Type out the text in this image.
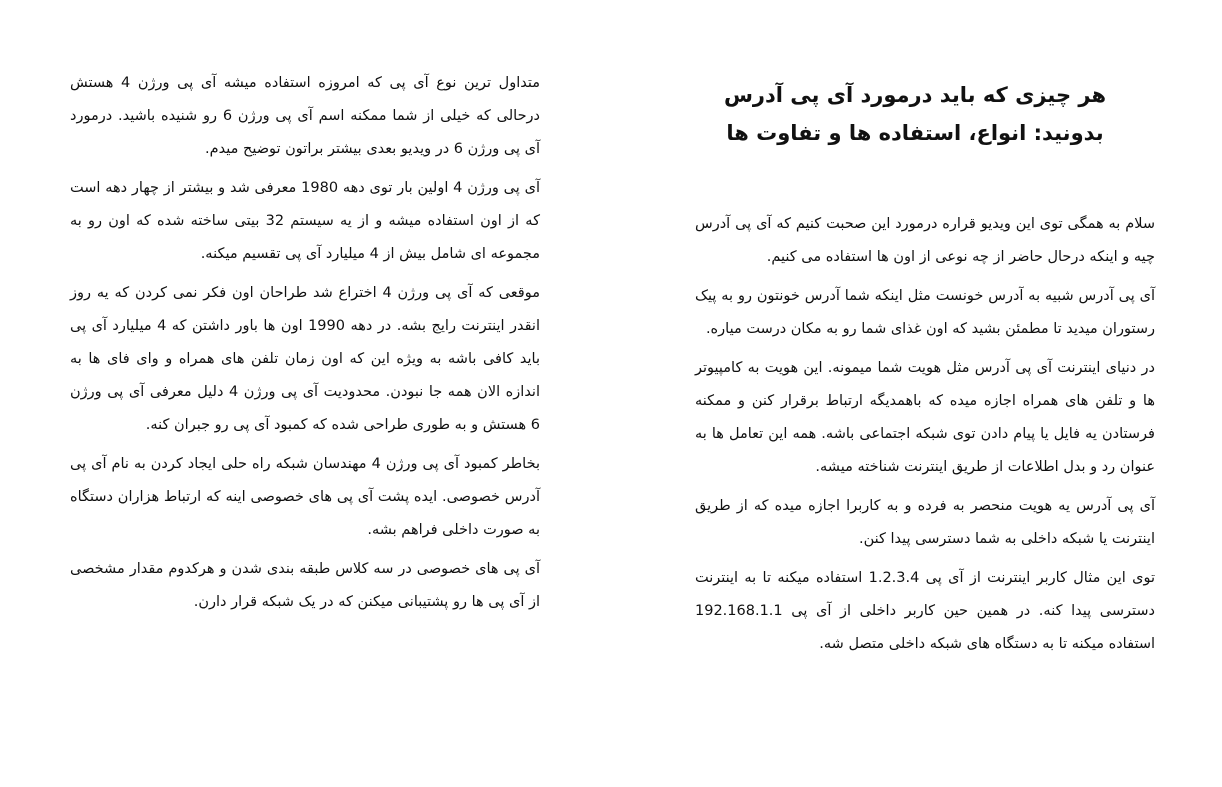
متداول ترین نوع آی پی که امروزه استفاده میشه آی پی ورژن 4 هستش درحالی که خیلی از شما ممکنه اسم آی پی ورژن 6 رو شنیده باشید. درمورد آی پی ورژن 6 در ویدیو بعدی بیشتر براتون توضیح میدم.

آی پی ورژن 4 اولین بار توی دهه 1980 معرفی شد و بیشتر از چهار دهه است که از اون استفاده میشه و از یه سیستم 32 بیتی ساخته شده که اون رو به مجموعه ای شامل بیش از 4 میلیارد آی پی تقسیم میکنه.

موقعی که آی پی ورژن 4 اختراع شد طراحان اون فکر نمی کردن که یه روز انقدر اینترنت رایج بشه. در دهه 1990 اون ها باور داشتن که 4 میلیارد آی پی باید کافی باشه به ویژه این که اون زمان تلفن های همراه و وای فای ها به اندازه الان همه جا نبودن. محدودیت آی پی ورژن 4 دلیل معرفی آی پی ورژن 6 هستش و به طوری طراحی شده که کمبود آی پی رو جبران کنه.

بخاطر کمبود آی پی ورژن 4 مهندسان شبکه راه حلی ایجاد کردن به نام آی پی آدرس خصوصی. ایده پشت آی پی های خصوصی اینه که ارتباط هزاران دستگاه به صورت داخلی فراهم بشه.

آی پی های خصوصی در سه کلاس طبقه بندی شدن و هرکدوم مقدار مشخصی از آی پی ها رو پشتیبانی میکنن که در یک شبکه قرار دارن.

هر چیزی که باید درمورد آی پی آدرس بدونید: انواع، استفاده ها و تفاوت ها

سلام به همگی توی این ویدیو قراره درمورد این صحبت کنیم که آی پی آدرس چیه و اینکه درحال حاضر از چه نوعی از اون ها استفاده می کنیم.

آی پی آدرس شبیه به آدرس خونست مثل اینکه شما آدرس خونتون رو به پیک رستوران میدید تا مطمئن بشید که اون غذای شما رو به مکان درست میاره.

در دنیای اینترنت آی پی آدرس مثل هویت شما میمونه. این هویت به کامپیوتر ها و تلفن های همراه اجازه میده که باهمدیگه ارتباط برقرار کنن و ممکنه فرستادن یه فایل یا پیام دادن توی شبکه اجتماعی باشه. همه این تعامل ها به عنوان رد و بدل اطلاعات از طریق اینترنت شناخته میشه.

آی پی آدرس یه هویت منحصر به فرده و به کاربرا اجازه میده که از طریق اینترنت یا شبکه داخلی به شما دسترسی پیدا کنن.

توی این مثال کاربر اینترنت از آی پی 1.2.3.4 استفاده میکنه تا به اینترنت دسترسی پیدا کنه. در همین حین کاربر داخلی از آی پی 192.168.1.1 استفاده میکنه تا به دستگاه های شبکه داخلی متصل شه.
